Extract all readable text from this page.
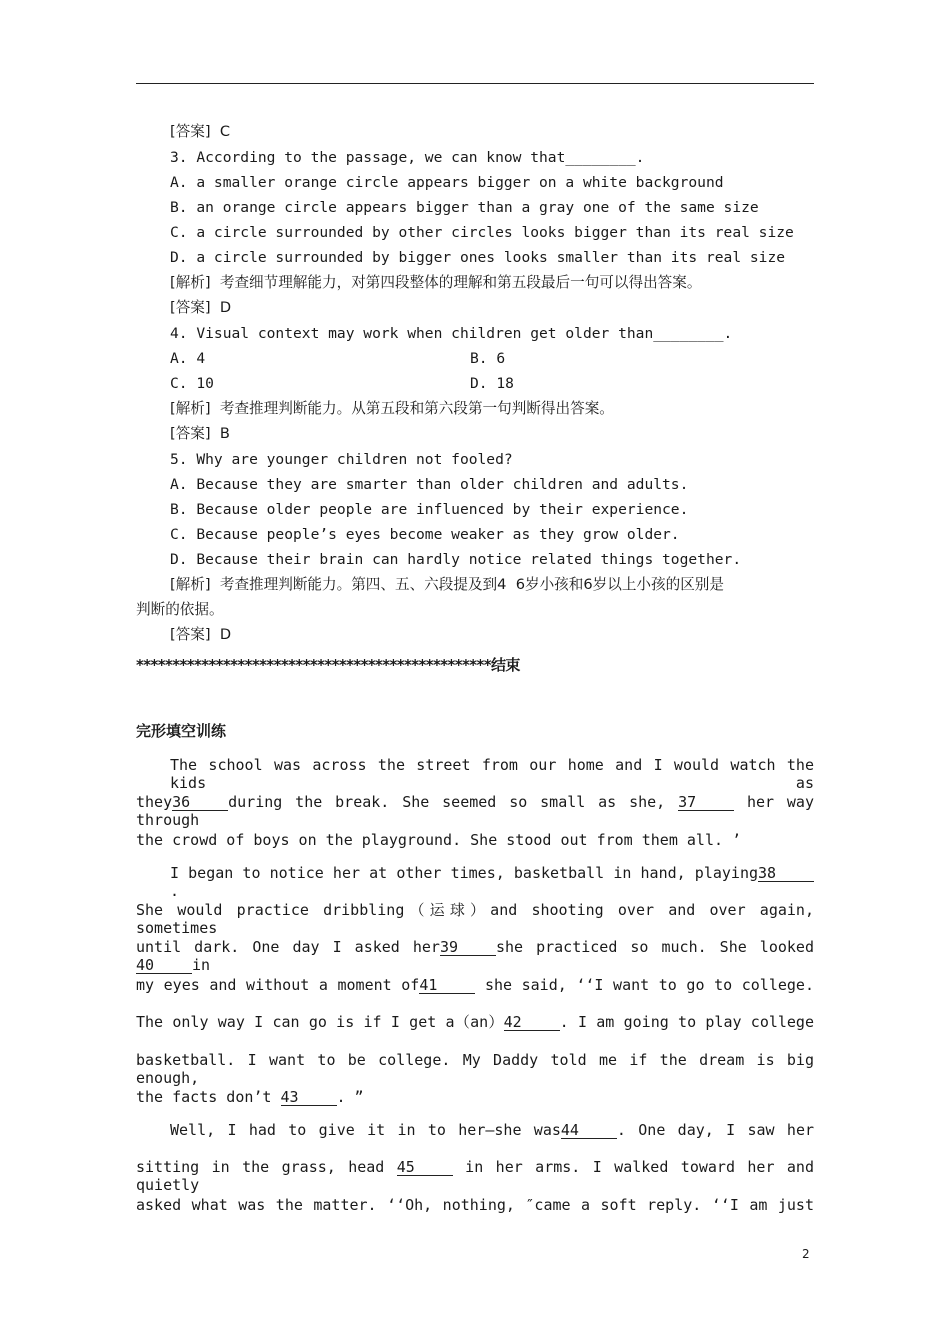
[答案]  C
3. According to the passage, we can know that________.
A. a smaller orange circle appears bigger on a white background
B. an orange circle appears bigger than a gray one of the same size
C. a circle surrounded by other circles looks bigger than its real size
D. a circle surrounded by bigger ones looks smaller than its real size
[解析]  考查细节理解能力，对第四段整体的理解和第五段最后一句可以得出答案。
[答案]  D
4. Visual context may work when children get older than________.
A. 4	B. 6
C. 10	D. 18
[解析]  考查推理判断能力。从第五段和第六段第一句判断得出答案。
[答案]  B
5. Why are younger children not fooled?
A. Because they are smarter than older children and adults.
B. Because older people are influenced by their experience.
C. Because people’s eyes become weaker as they grow older.
D. Because their brain can hardly notice related things together.
[解析]  考查推理判断能力。第四、五、六段提及到4  6岁小孩和6岁以上小孩的区别是
判断的依据。
[答案]  D
*************************************************结束
完形填空训练
The school was across the street from our home and I would watch the kids as
they36	during the break. She seemed so small as she, 37	her way through
the crowd of boys on the playground. She stood out from them all. ’
I began to notice her at other times, basketball in hand, playing38 .
She would practice dribbling（运球）and shooting over and over again, sometimes
until dark. One day I asked her39	she practiced so much. She looked40	in
my eyes and without a moment of41	she said, ‘‘I want to go to college.
The only way I can go is if I get a（an）42	. I am going to play college
basketball. I want to be college. My Daddy told me if the dream is big enough,
the facts don’t 43	. ”
Well, I had to give it in to her—she was44	. One day, I saw her
sitting in the grass, head 45	in her arms. I walked toward her and quietly
asked what was the matter. ‘‘Oh, nothing, ″came a soft reply. ‘‘I am just
2
